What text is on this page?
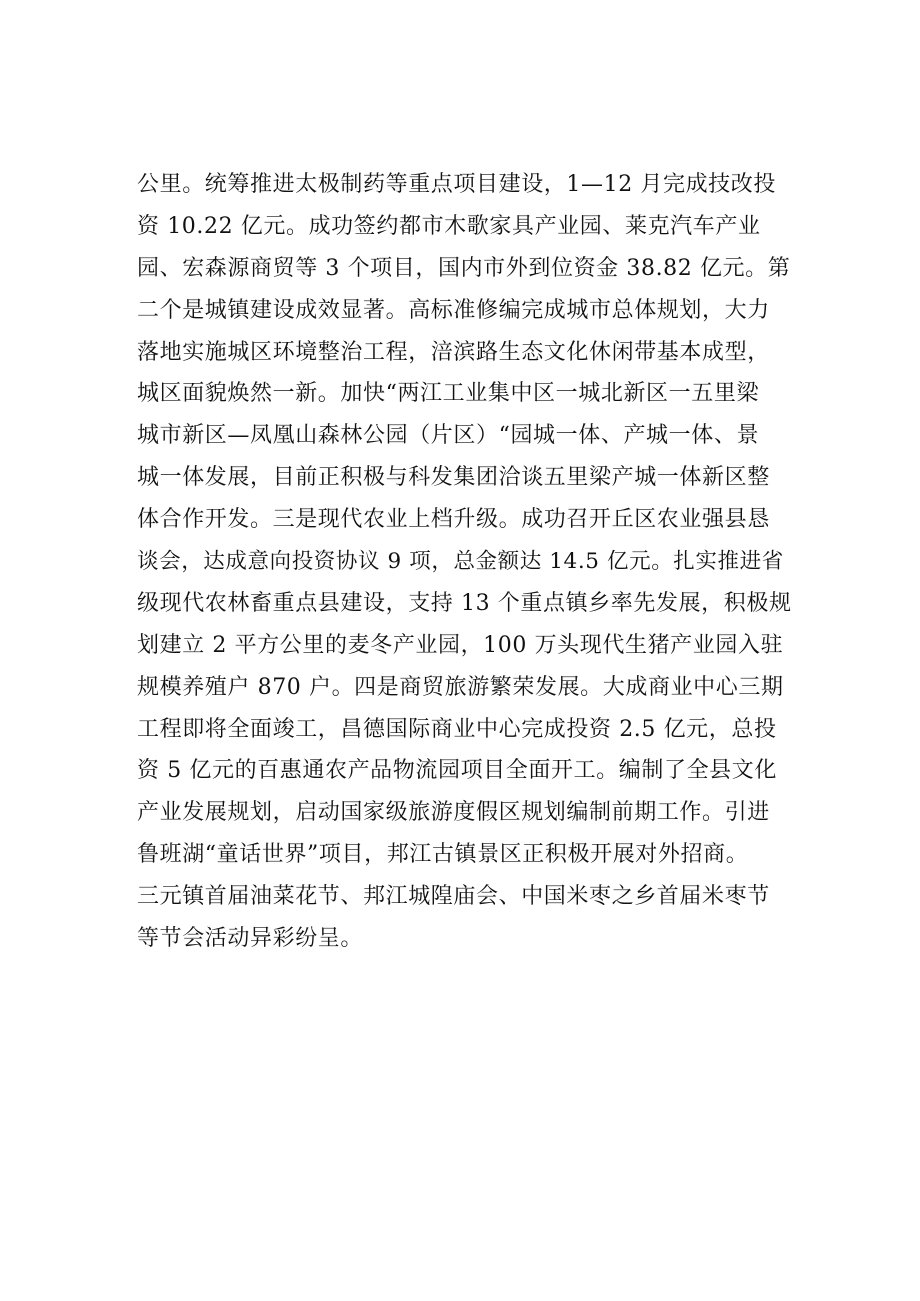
公里。统筹推进太极制药等重点项目建设，1—12 月完成技改投
资 10.22 亿元。成功签约都市木歌家具产业园、莱克汽车产业
园、宏森源商贸等 3 个项目，国内市外到位资金 38.82 亿元。第
二个是城镇建设成效显著。高标准修编完成城市总体规划，大力
落地实施城区环境整治工程，涪滨路生态文化休闲带基本成型，
城区面貌焕然一新。加快“两江工业集中区一城北新区一五里梁
城市新区—凤凰山森林公园（片区）“园城一体、产城一体、景
城一体发展，目前正积极与科发集团洽谈五里梁产城一体新区整
体合作开发。三是现代农业上档升级。成功召开丘区农业强县恳
谈会，达成意向投资协议 9 项，总金额达 14.5 亿元。扎实推进省
级现代农林畜重点县建设，支持 13 个重点镇乡率先发展，积极规
划建立 2 平方公里的麦冬产业园，100 万头现代生猪产业园入驻
规模养殖户 870 户。四是商贸旅游繁荣发展。大成商业中心三期
工程即将全面竣工，昌德国际商业中心完成投资 2.5 亿元，总投
资 5 亿元的百惠通农产品物流园项目全面开工。编制了全县文化
产业发展规划，启动国家级旅游度假区规划编制前期工作。引进
鲁班湖“童话世界”项目，邦江古镇景区正积极开展对外招商。
三元镇首届油菜花节、邦江城隍庙会、中国米枣之乡首届米枣节
等节会活动异彩纷呈。
